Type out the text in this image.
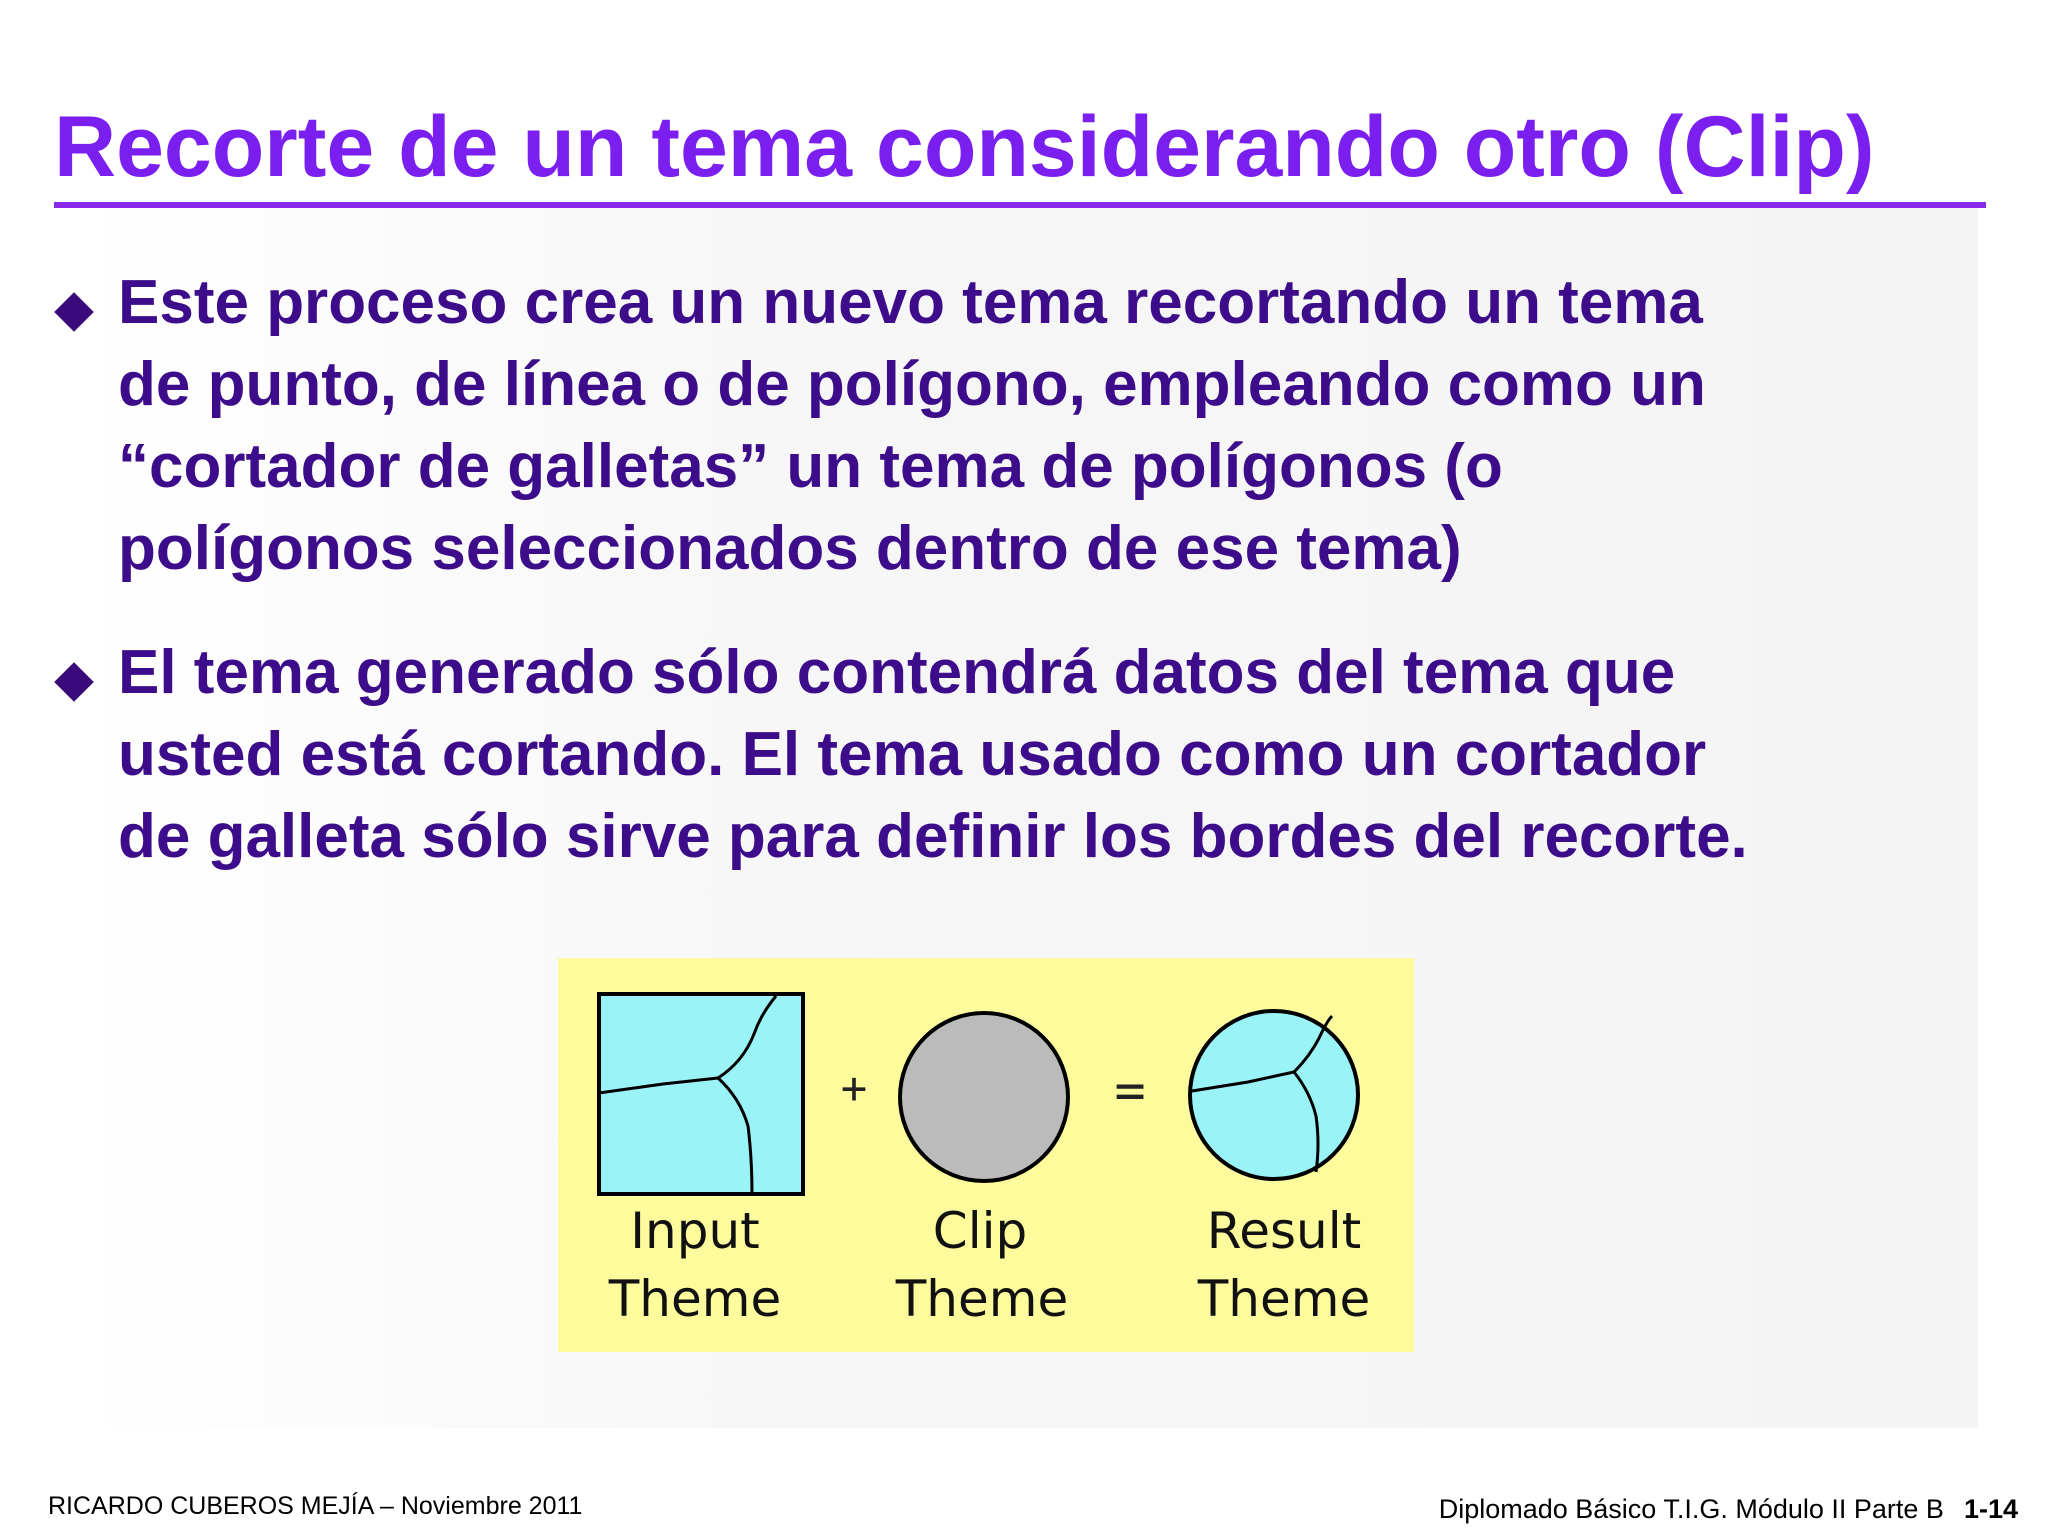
Recorte de un tema considerando otro (Clip)

Este proceso crea un nuevo tema recortando un tema
de punto, de línea o de polígono, empleando como un
“cortador de galletas” un tema de polígonos (o
polígonos seleccionados dentro de ese tema)

El tema generado sólo contendrá datos del tema que
usted está cortando. El tema usado como un cortador
de galleta sólo sirve para definir los bordes del recorte.

+	=
Input
Theme
Clip
Theme
Result
Theme
RICARDO CUBEROS MEJÍA – Noviembre 2011	Diplomado Básico T.I.G. Módulo II Parte B 1-14
